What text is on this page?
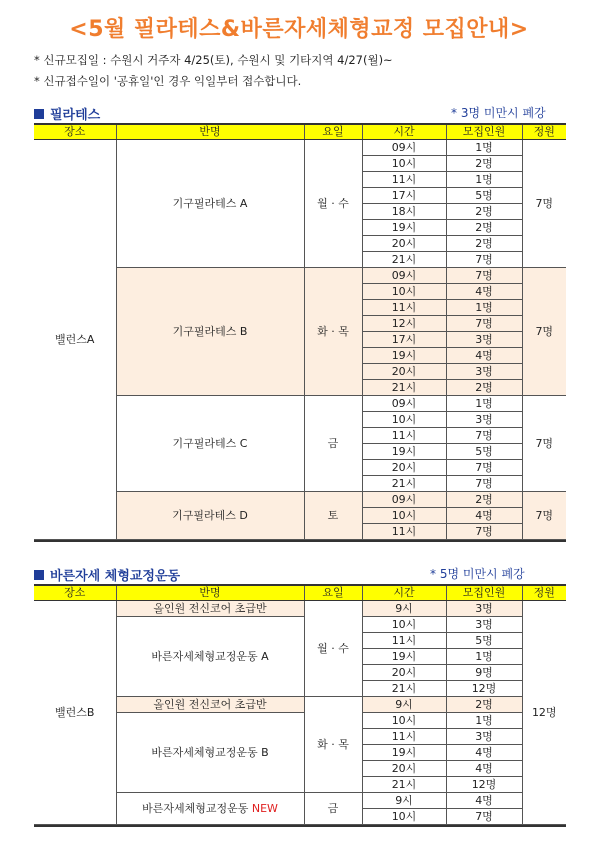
<5월 필라테스&바른자세체형교정 모집안내>
* 신규모집일 : 수원시 거주자 4/25(토), 수원시 및 기타지역 4/27(월)~
* 신규접수일이 '공휴일'인 경우 익일부터 접수합니다.
필라테스	* 3명 미만시 폐강
장소	반명	요일	시간	모집인원	정원
밸런스A	기구필라테스 A	월 · 수	09시	1명	7명
			10시	2명	
			11시	1명	
			17시	5명	
			18시	2명	
			19시	2명	
			20시	2명	
			21시	7명	
	기구필라테스 B	화 · 목	09시	7명	7명
			10시	4명	
			11시	1명	
			12시	7명	
			17시	3명	
			19시	4명	
			20시	3명	
			21시	2명	
	기구필라테스 C	금	09시	1명	7명
			10시	3명	
			11시	7명	
			19시	5명	
			20시	7명	
			21시	7명	
	기구필라테스 D	토	09시	2명	7명
			10시	4명	
			11시	7명	
바른자세 체형교정운동	* 5명 미만시 폐강
장소	반명	요일	시간	모집인원	정원
밸런스B	올인원 전신코어 초급반	월 · 수	9시	3명	12명
	바른자세체형교정운동 A		10시	3명	
			11시	5명	
			19시	1명	
			20시	9명	
			21시	12명	
	올인원 전신코어 초급반	화 · 목	9시	2명	
	바른자세체형교정운동 B		10시	1명	
			11시	3명	
			19시	4명	
			20시	4명	
			21시	12명	
	바른자세체형교정운동 NEW	금	9시	4명	
			10시	7명	
